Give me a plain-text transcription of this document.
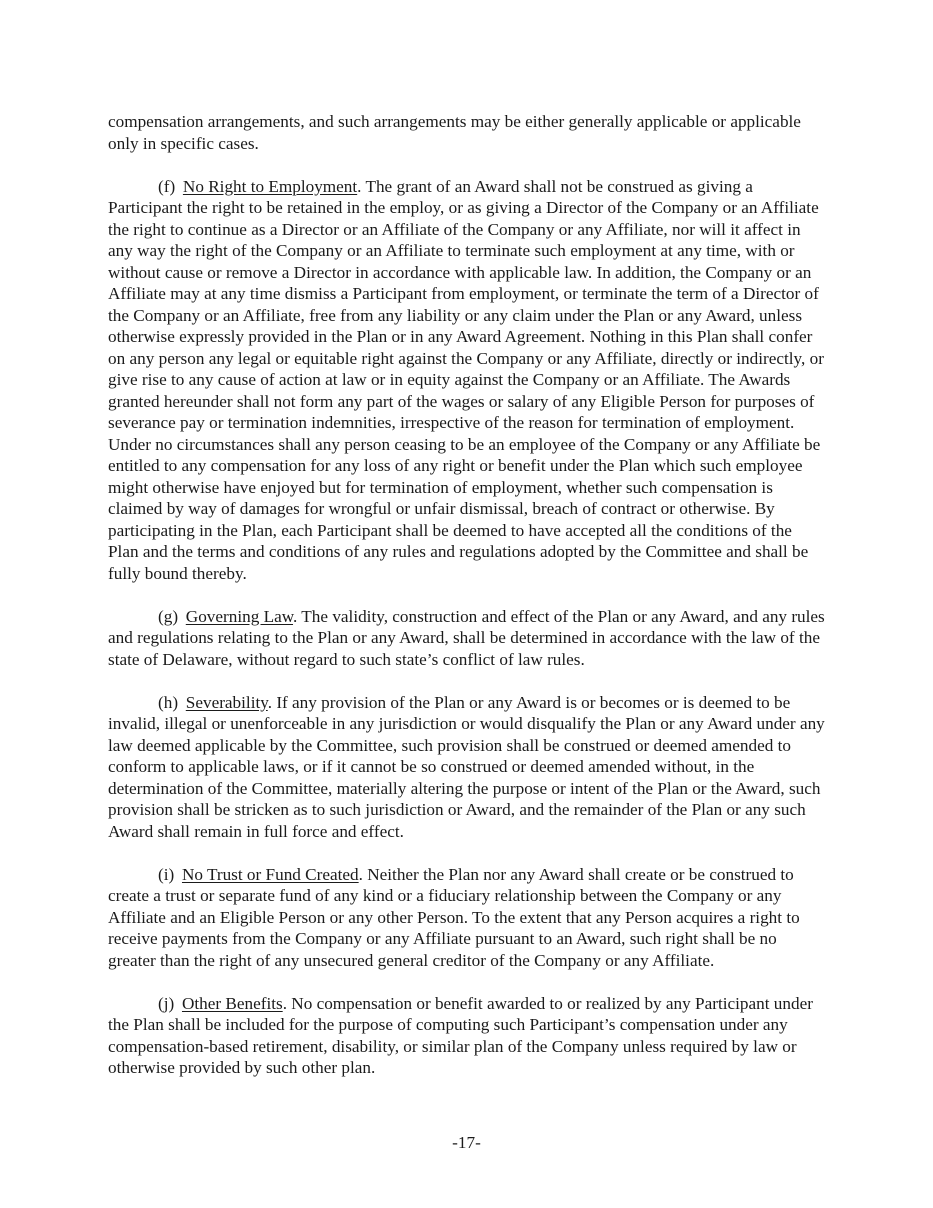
compensation arrangements, and such arrangements may be either generally applicable or applicable only in specific cases.

(f) No Right to Employment. The grant of an Award shall not be construed as giving a Participant the right to be retained in the employ, or as giving a Director of the Company or an Affiliate the right to continue as a Director or an Affiliate of the Company or any Affiliate, nor will it affect in any way the right of the Company or an Affiliate to terminate such employment at any time, with or without cause or remove a Director in accordance with applicable law. In addition, the Company or an Affiliate may at any time dismiss a Participant from employment, or terminate the term of a Director of the Company or an Affiliate, free from any liability or any claim under the Plan or any Award, unless otherwise expressly provided in the Plan or in any Award Agreement. Nothing in this Plan shall confer on any person any legal or equitable right against the Company or any Affiliate, directly or indirectly, or give rise to any cause of action at law or in equity against the Company or an Affiliate. The Awards granted hereunder shall not form any part of the wages or salary of any Eligible Person for purposes of severance pay or termination indemnities, irrespective of the reason for termination of employment. Under no circumstances shall any person ceasing to be an employee of the Company or any Affiliate be entitled to any compensation for any loss of any right or benefit under the Plan which such employee might otherwise have enjoyed but for termination of employment, whether such compensation is claimed by way of damages for wrongful or unfair dismissal, breach of contract or otherwise. By participating in the Plan, each Participant shall be deemed to have accepted all the conditions of the Plan and the terms and conditions of any rules and regulations adopted by the Committee and shall be fully bound thereby.

(g) Governing Law. The validity, construction and effect of the Plan or any Award, and any rules and regulations relating to the Plan or any Award, shall be determined in accordance with the law of the state of Delaware, without regard to such state’s conflict of law rules.

(h) Severability. If any provision of the Plan or any Award is or becomes or is deemed to be invalid, illegal or unenforceable in any jurisdiction or would disqualify the Plan or any Award under any law deemed applicable by the Committee, such provision shall be construed or deemed amended to conform to applicable laws, or if it cannot be so construed or deemed amended without, in the determination of the Committee, materially altering the purpose or intent of the Plan or the Award, such provision shall be stricken as to such jurisdiction or Award, and the remainder of the Plan or any such Award shall remain in full force and effect.

(i) No Trust or Fund Created. Neither the Plan nor any Award shall create or be construed to create a trust or separate fund of any kind or a fiduciary relationship between the Company or any Affiliate and an Eligible Person or any other Person. To the extent that any Person acquires a right to receive payments from the Company or any Affiliate pursuant to an Award, such right shall be no greater than the right of any unsecured general creditor of the Company or any Affiliate.

(j) Other Benefits. No compensation or benefit awarded to or realized by any Participant under the Plan shall be included for the purpose of computing such Participant’s compensation under any compensation-based retirement, disability, or similar plan of the Company unless required by law or otherwise provided by such other plan.

-17-
